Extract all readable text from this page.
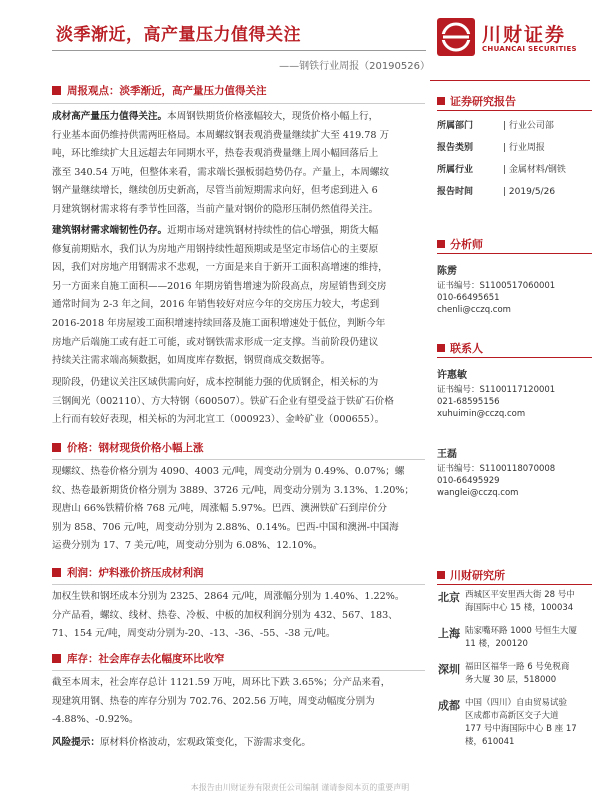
淡季渐近，高产量压力值得关注
——钢铁行业周报（20190526）
川财证券
CHUANCAI SECURITIES
周报观点：淡季渐近，高产量压力值得关注

成材高产量压力值得关注。本周钢铁期货价格涨幅较大，现货价格小幅上行，
行业基本面仍维持供需两旺格局。本周螺纹钢表观消费量继续扩大至 419.78 万
吨，环比维续扩大且远超去年同期水平，热卷表观消费量继上周小幅回落后上
涨至 340.54 万吨，但整体来看，需求端长强板弱趋势仍存。产量上，本周螺纹
钢产量继续增长，继续创历史新高，尽管当前短期需求向好，但考虑到进入 6
月建筑钢材需求将有季节性回落，当前产量对钢价的隐形压制仍然值得关注。

建筑钢材需求端韧性仍存。近期市场对建筑钢材持续性的信心增强，期货大幅
修复前期贴水，我们认为房地产用钢持续性超预期或是坚定市场信心的主要原
因，我们对房地产用钢需求不悲观，一方面是来自于新开工面积高增速的维持，
另一方面来自施工面积——2016 年期房销售增速为阶段高点，房屋销售到交房
通常时间为 2-3 年之间，2016 年销售较好对应今年的交房压力较大，考虑到
2016-2018 年房屋竣工面积增速持续回落及施工面积增速处于低位，判断今年
房地产后端施工或有赶工可能，或对钢铁需求形成一定支撑。当前阶段仍建议
持续关注需求端高频数据，如周度库存数据，钢贸商成交数据等。

现阶段，仍建议关注区域供需向好，成本控制能力强的优质钢企，相关标的为
三钢闽光（002110）、方大特钢（600507）。铁矿石企业有望受益于铁矿石价格
上行而有较好表现，相关标的为河北宣工（000923）、金岭矿业（000655）。

价格：钢材现货价格小幅上涨

现螺纹、热卷价格分别为 4090、4003 元/吨，周变动分别为 0.49%、0.07%；螺
纹、热卷最新期货价格分别为 3889、3726 元/吨，周变动分别为 3.13%、1.20%；
现唐山 66%铁精价格 768 元/吨，周涨幅 5.97%。巴西、澳洲铁矿石到岸价分
别为 858、706 元/吨，周变动分别为 2.88%、0.14%。巴西-中国和澳洲-中国海
运费分别为 17、7 美元/吨，周变动分别为 6.08%、12.10%。

利润：炉料涨价挤压成材利润

加权生铁和钢坯成本分别为 2325、2864 元/吨，周涨幅分别为 1.40%、1.22%。
分产品看，螺纹、线材、热卷、冷板、中板的加权利润分别为 432、567、183、
71、154 元/吨，周变动分别为-20、-13、-36、-55、-38 元/吨。

库存：社会库存去化幅度环比收窄

截至本周末，社会库存总计 1121.59 万吨，周环比下跌 3.65%；分产品来看，
现建筑用钢、热卷的库存分别为 702.76、202.56 万吨，周变动幅度分别为
-4.88%、-0.92%。

风险提示：原材料价格波动，宏观政策变化，下游需求变化。

证券研究报告
所属部门	| 行业公司部
报告类别	| 行业周报
所属行业	| 金属材料/钢铁
报告时间	| 2019/5/26
分析师
陈雳
证书编号：S1100517060001
010-66495651
chenli@cczq.com
联系人
许惠敏
证书编号：S1100117120001
021-68595156
xuhuimin@cczq.com
王磊
证书编号：S1100118070008
010-66495929
wanglei@cczq.com
川财研究所
北京	西城区平安里西大街 28 号中
海国际中心 15 楼，100034
上海	陆家嘴环路 1000 号恒生大厦
11 楼，200120
深圳	福田区福华一路 6 号免税商
务大厦 30 层，518000
成都	中国（四川）自由贸易试验
区成都市高新区交子大道
177 号中海国际中心 B 座 17
楼，610041
本报告由川财证券有限责任公司编制 谨请参阅本页的重要声明
